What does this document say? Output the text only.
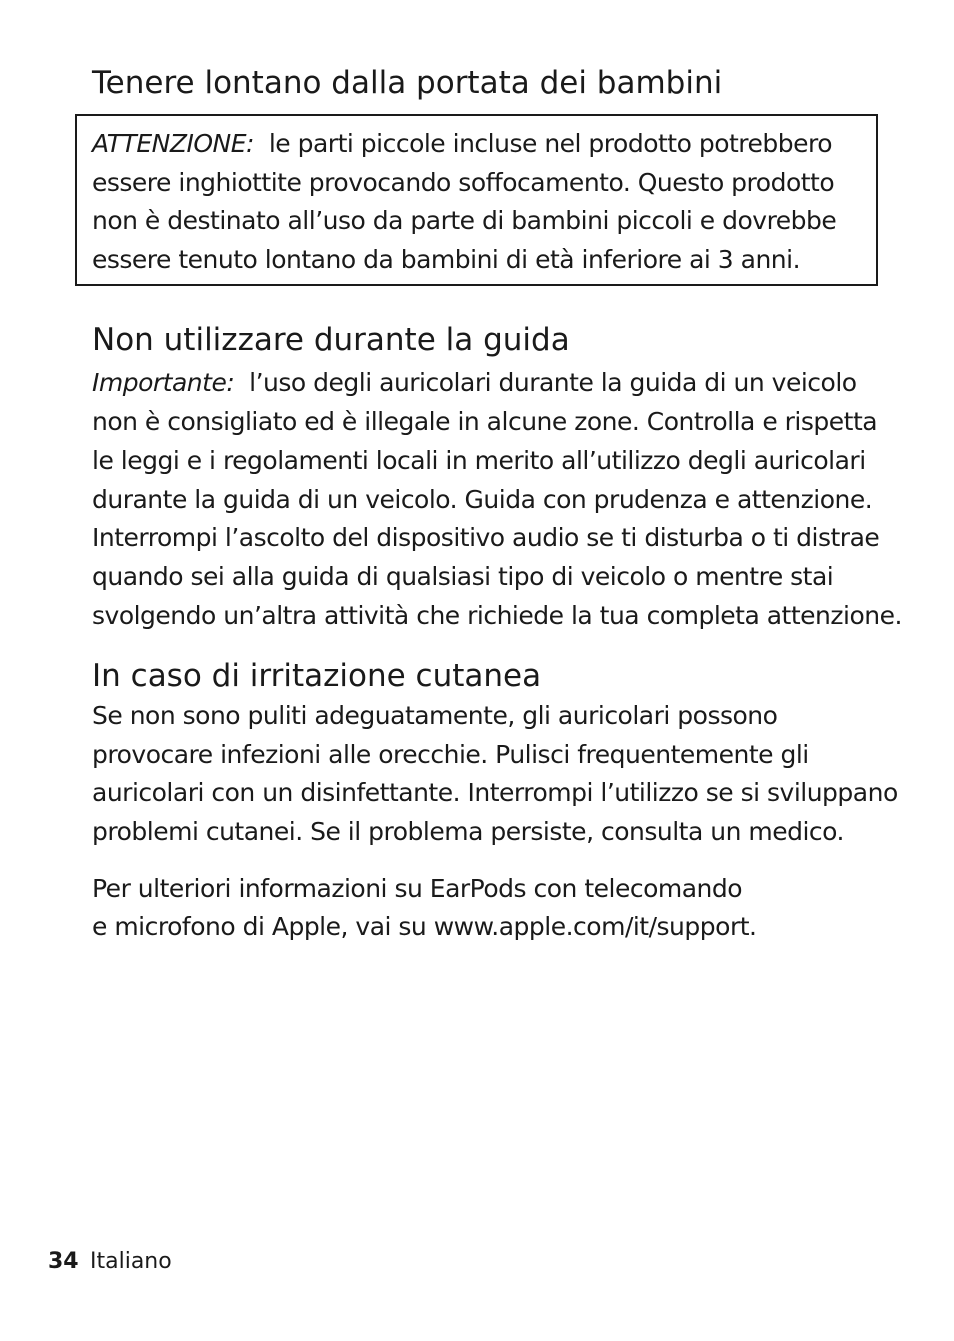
Tenere lontano dalla portata dei bambini
ATTENZIONE: le parti piccole incluse nel prodotto potrebbero
essere inghiottite provocando soffocamento. Questo prodotto
non è destinato all’uso da parte di bambini piccoli e dovrebbe
essere tenuto lontano da bambini di età inferiore ai 3 anni.
Non utilizzare durante la guida
Importante: l’uso degli auricolari durante la guida di un veicolo
non è consigliato ed è illegale in alcune zone. Controlla e rispetta
le leggi e i regolamenti locali in merito all’utilizzo degli auricolari
durante la guida di un veicolo. Guida con prudenza e attenzione.
Interrompi l’ascolto del dispositivo audio se ti disturba o ti distrae
quando sei alla guida di qualsiasi tipo di veicolo o mentre stai
svolgendo un’altra attività che richiede la tua completa attenzione.
In caso di irritazione cutanea
Se non sono puliti adeguatamente, gli auricolari possono
provocare infezioni alle orecchie. Pulisci frequentemente gli
auricolari con un disinfettante. Interrompi l’utilizzo se si sviluppano
problemi cutanei. Se il problema persiste, consulta un medico.
Per ulteriori informazioni su EarPods con telecomando
e microfono di Apple, vai su www.apple.com/it/support.
34 Italiano
